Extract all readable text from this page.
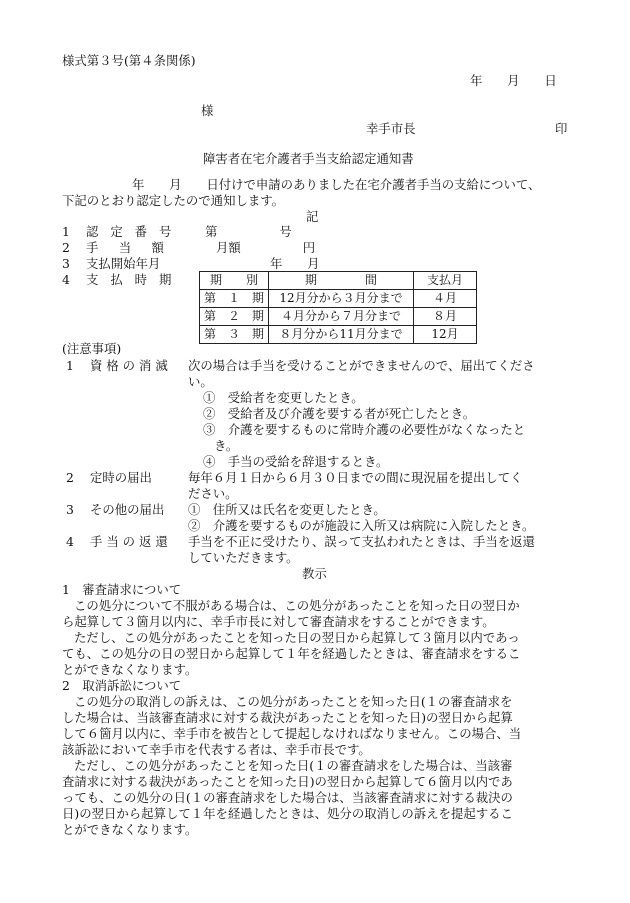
様式第３号(第４条関係)
年　　月　　日
様
幸手市長	印
障害者在宅介護者手当支給認定通知書
年　　月　　日付けで申請のありました在宅介護者手当の支給について、
下記のとおり認定したので通知します。
記
1 認 定 番 号 第　　　　　号
2 手　当　額	月額　　　　　円
3 支払開始年月	年　　月
4 支 払 時 期	期　　別	期　　　　間	支払月
第　１　期	12月分から３月分まで	４月
第　２　期	４月分から７月分まで	８月
第　３　期	８月分から11月分まで	12月
(注意事項)
1 資 格 の 消 滅 次の場合は手当を受けることができませんので、届出てくださ
い。
①　受給者を変更したとき。
②　受給者及び介護を要する者が死亡したとき。
③　介護を要するものに常時介護の必要性がなくなったと
き。
④　手当の受給を辞退するとき。
2 定時の届出	毎年６月１日から６月３０日までの間に現況届を提出してく
ださい。
3 その他の届出 ①　住所又は氏名を変更したとき。
②　介護を要するものが施設に入所又は病院に入院したとき。
4 手 当 の 返 還 手当を不正に受けたり、誤って支払われたときは、手当を返還
していただきます。
教示
1　審査請求について
この処分について不服がある場合は、この処分があったことを知った日の翌日か
ら起算して３箇月以内に、幸手市長に対して審査請求をすることができます。
ただし、この処分があったことを知った日の翌日から起算して３箇月以内であっ
ても、この処分の日の翌日から起算して１年を経過したときは、審査請求をするこ
とができなくなります。
2　取消訴訟について
この処分の取消しの訴えは、この処分があったことを知った日(１の審査請求を
した場合は、当該審査請求に対する裁決があったことを知った日)の翌日から起算
して６箇月以内に、幸手市を被告として提起しなければなりません。この場合、当
該訴訟において幸手市を代表する者は、幸手市長です。
ただし、この処分があったことを知った日(１の審査請求をした場合は、当該審
査請求に対する裁決があったことを知った日)の翌日から起算して６箇月以内であ
っても、この処分の日(１の審査請求をした場合は、当該審査請求に対する裁決の
日)の翌日から起算して１年を経過したときは、処分の取消しの訴えを提起するこ
とができなくなります。
